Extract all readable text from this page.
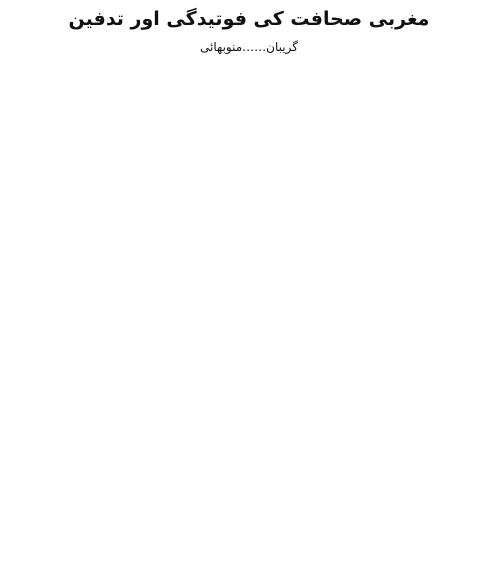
مغربی صحافت کی فوتیدگی اور تدفین
گریبان……منوبھائی
